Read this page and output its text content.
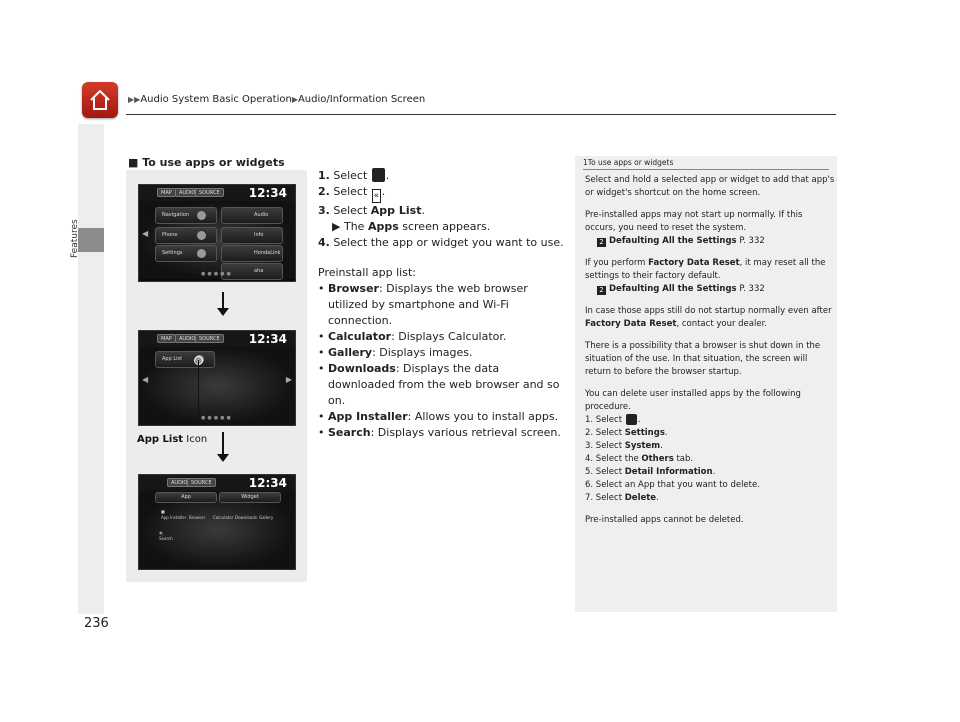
▶▶Audio System Basic Operation▶Audio/Information Screen
Features
■ To use apps or widgets
MAP	AUDIO SOURCE	12:34
◀
Navigation	Audio
Phone	Info
Settings	HondaLink
aha
●●●●●
MAP	AUDIO SOURCE	12:34
◀	▶
App List
●●●●●
App List Icon
AUDIO SOURCE	12:34
App	Widget
■
App Installer Browser Calculator Downloads Gallery
🔍
Search

1. Select .

2. Select « .

3. Select App List.

▶ The Apps screen appears.

4. Select the app or widget you want to use.

Preinstall app list:

• Browser: Displays the web browser utilized by smartphone and Wi-Fi connection.

• Calculator: Displays Calculator.

• Gallery: Displays images.

• Downloads: Displays the data downloaded from the web browser and so on.

• App Installer: Allows you to install apps.

• Search: Displays various retrieval screen.

1To use apps or widgets

Select and hold a selected app or widget to add that app's or widget's shortcut on the home screen.

Pre-installed apps may not start up normally. If this occurs, you need to reset the system.
2 Defaulting All the Settings P. 332

If you perform Factory Data Reset, it may reset all the settings to their factory default.
2 Defaulting All the Settings P. 332

In case those apps still do not startup normally even after Factory Data Reset, contact your dealer.

There is a possibility that a browser is shut down in the situation of the use. In that situation, the screen will return to before the browser startup.

You can delete user installed apps by the following procedure.

1. Select .

2. Select Settings.

3. Select System.

4. Select the Others tab.

5. Select Detail Information.

6. Select an App that you want to delete.

7. Select Delete.

Pre-installed apps cannot be deleted.

236
